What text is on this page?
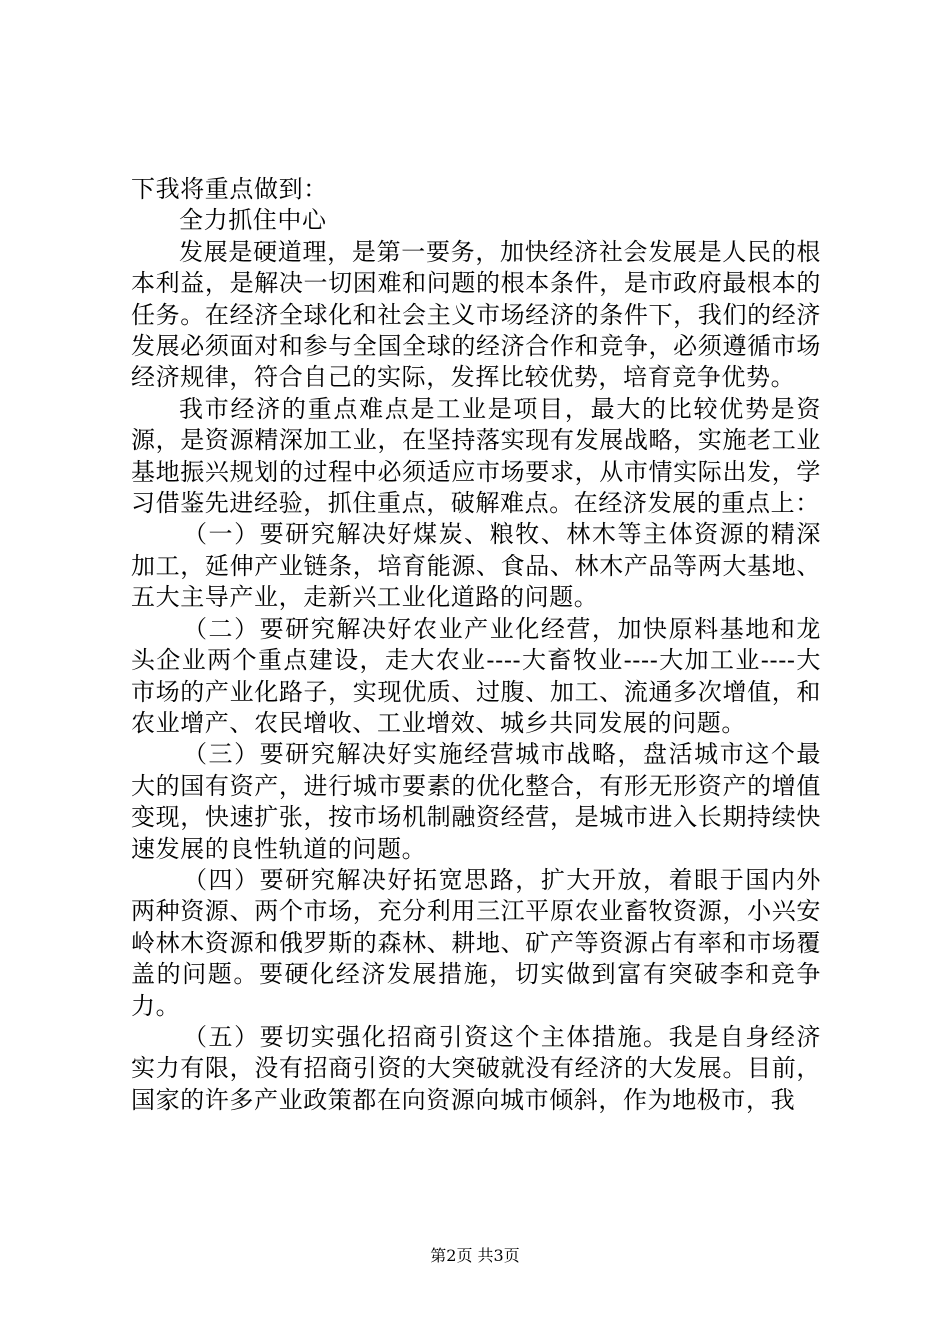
下我将重点做到：

全力抓住中心

发展是硬道理，是第一要务，加快经济社会发展是人民的根本利益，是解决一切困难和问题的根本条件，是市政府最根本的任务。在经济全球化和社会主义市场经济的条件下，我们的经济发展必须面对和参与全国全球的经济合作和竞争，必须遵循市场经济规律，符合自己的实际，发挥比较优势，培育竞争优势。

我市经济的重点难点是工业是项目，最大的比较优势是资源，是资源精深加工业，在坚持落实现有发展战略，实施老工业基地振兴规划的过程中必须适应市场要求，从市情实际出发，学习借鉴先进经验，抓住重点，破解难点。在经济发展的重点上：

（一）要研究解决好煤炭、粮牧、林木等主体资源的精深加工，延伸产业链条，培育能源、食品、林木产品等两大基地、五大主导产业，走新兴工业化道路的问题。

（二）要研究解决好农业产业化经营，加快原料基地和龙头企业两个重点建设，走大农业----大畜牧业----大加工业----大市场的产业化路子，实现优质、过腹、加工、流通多次增值，和农业增产、农民增收、工业增效、城乡共同发展的问题。

（三）要研究解决好实施经营城市战略，盘活城市这个最大的国有资产，进行城市要素的优化整合，有形无形资产的增值变现，快速扩张，按市场机制融资经营，是城市进入长期持续快速发展的良性轨道的问题。

（四）要研究解决好拓宽思路，扩大开放，着眼于国内外两种资源、两个市场，充分利用三江平原农业畜牧资源，小兴安岭林木资源和俄罗斯的森林、耕地、矿产等资源占有率和市场覆盖的问题。要硬化经济发展措施，切实做到富有突破李和竞争力。

（五）要切实强化招商引资这个主体措施。我是自身经济实力有限，没有招商引资的大突破就没有经济的大发展。目前，国家的许多产业政策都在向资源向城市倾斜，作为地极市，我

第2页 共3页
